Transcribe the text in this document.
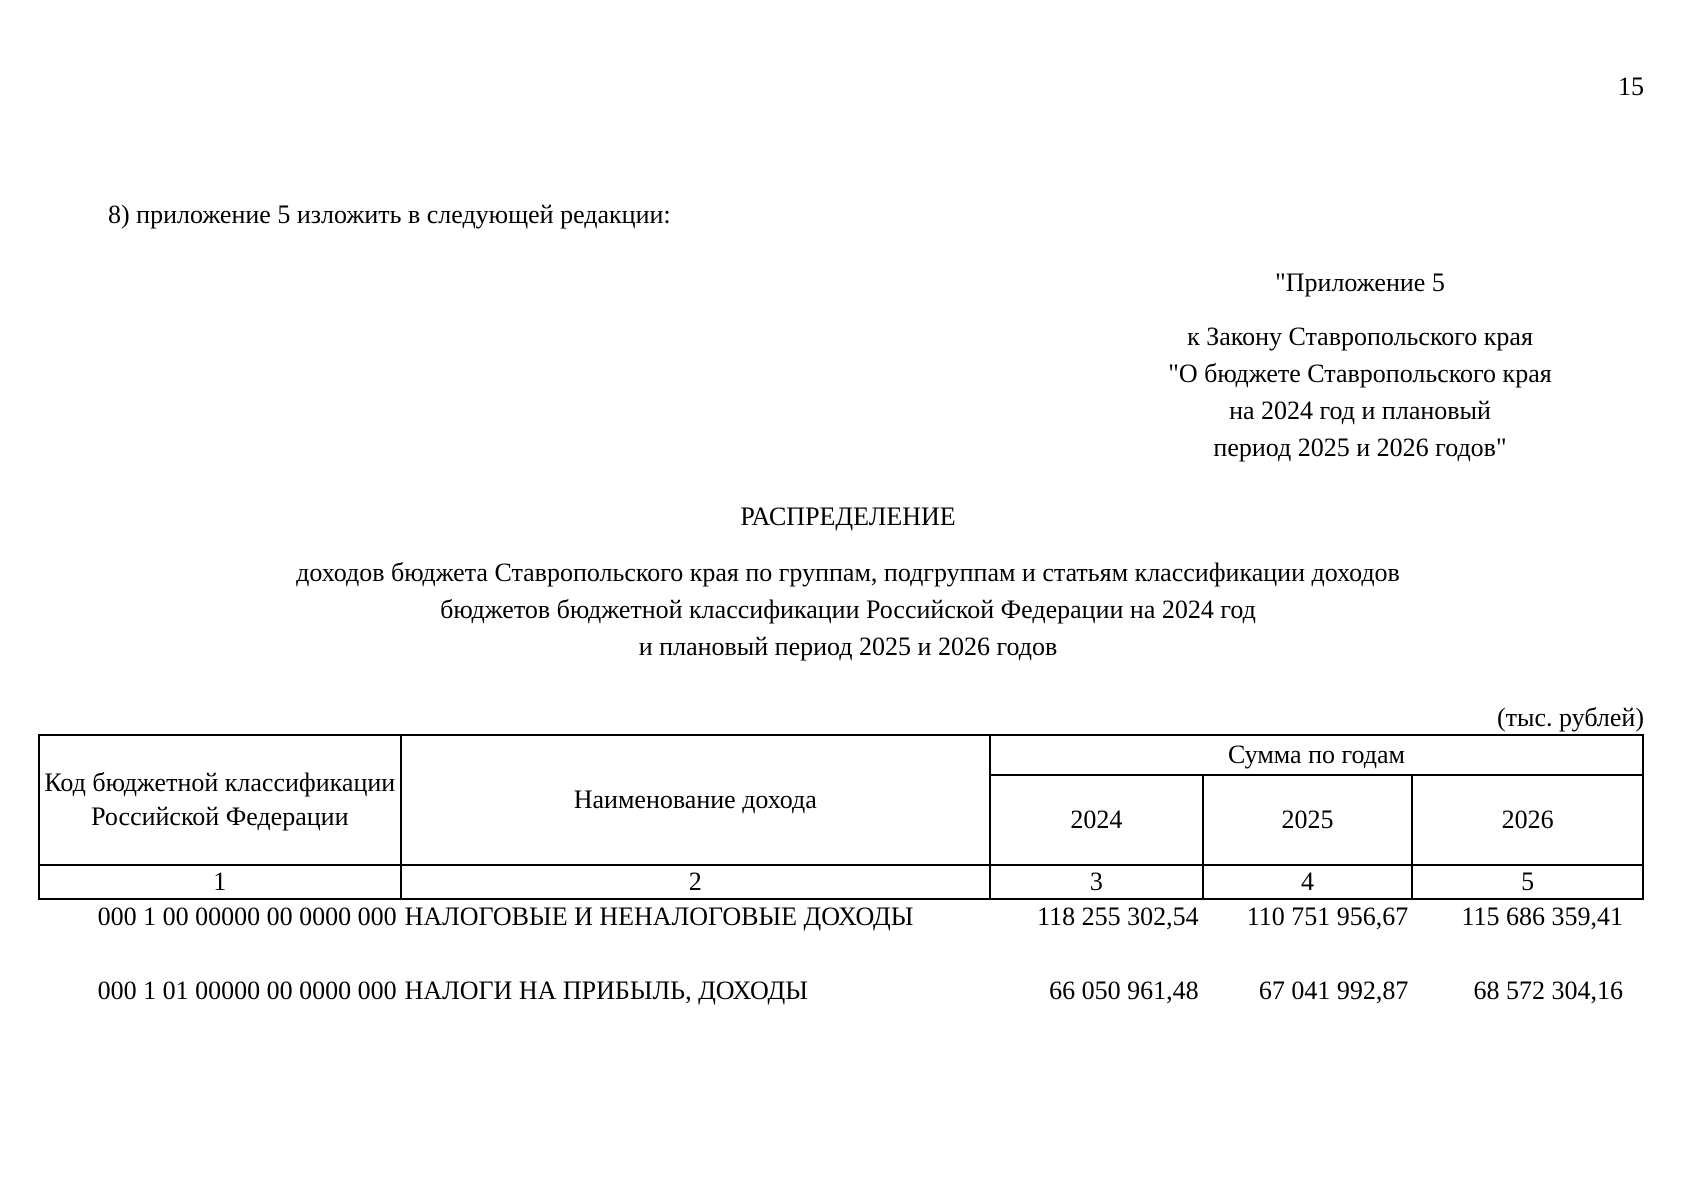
15
8) приложение 5 изложить в следующей редакции:
"Приложение 5
к Закону Ставропольского края
"О бюджете Ставропольского края
на 2024 год и плановый
период 2025 и 2026 годов"
РАСПРЕДЕЛЕНИЕ
доходов бюджета Ставропольского края по группам, подгруппам и статьям классификации доходов
бюджетов бюджетной классификации Российской Федерации на 2024 год
и плановый период 2025 и 2026 годов
(тыс. рублей)
Код бюджетной классификации Российской Федерации	Наименование дохода	Сумма по годам		
		2024	2025	2026
1	2	3	4	5
000 1 00 00000 00 0000 000	НАЛОГОВЫЕ И НЕНАЛОГОВЫЕ ДОХОДЫ	118 255 302,54	110 751 956,67	115 686 359,41
000 1 01 00000 00 0000 000	НАЛОГИ НА ПРИБЫЛЬ, ДОХОДЫ	66 050 961,48	67 041 992,87	68 572 304,16
